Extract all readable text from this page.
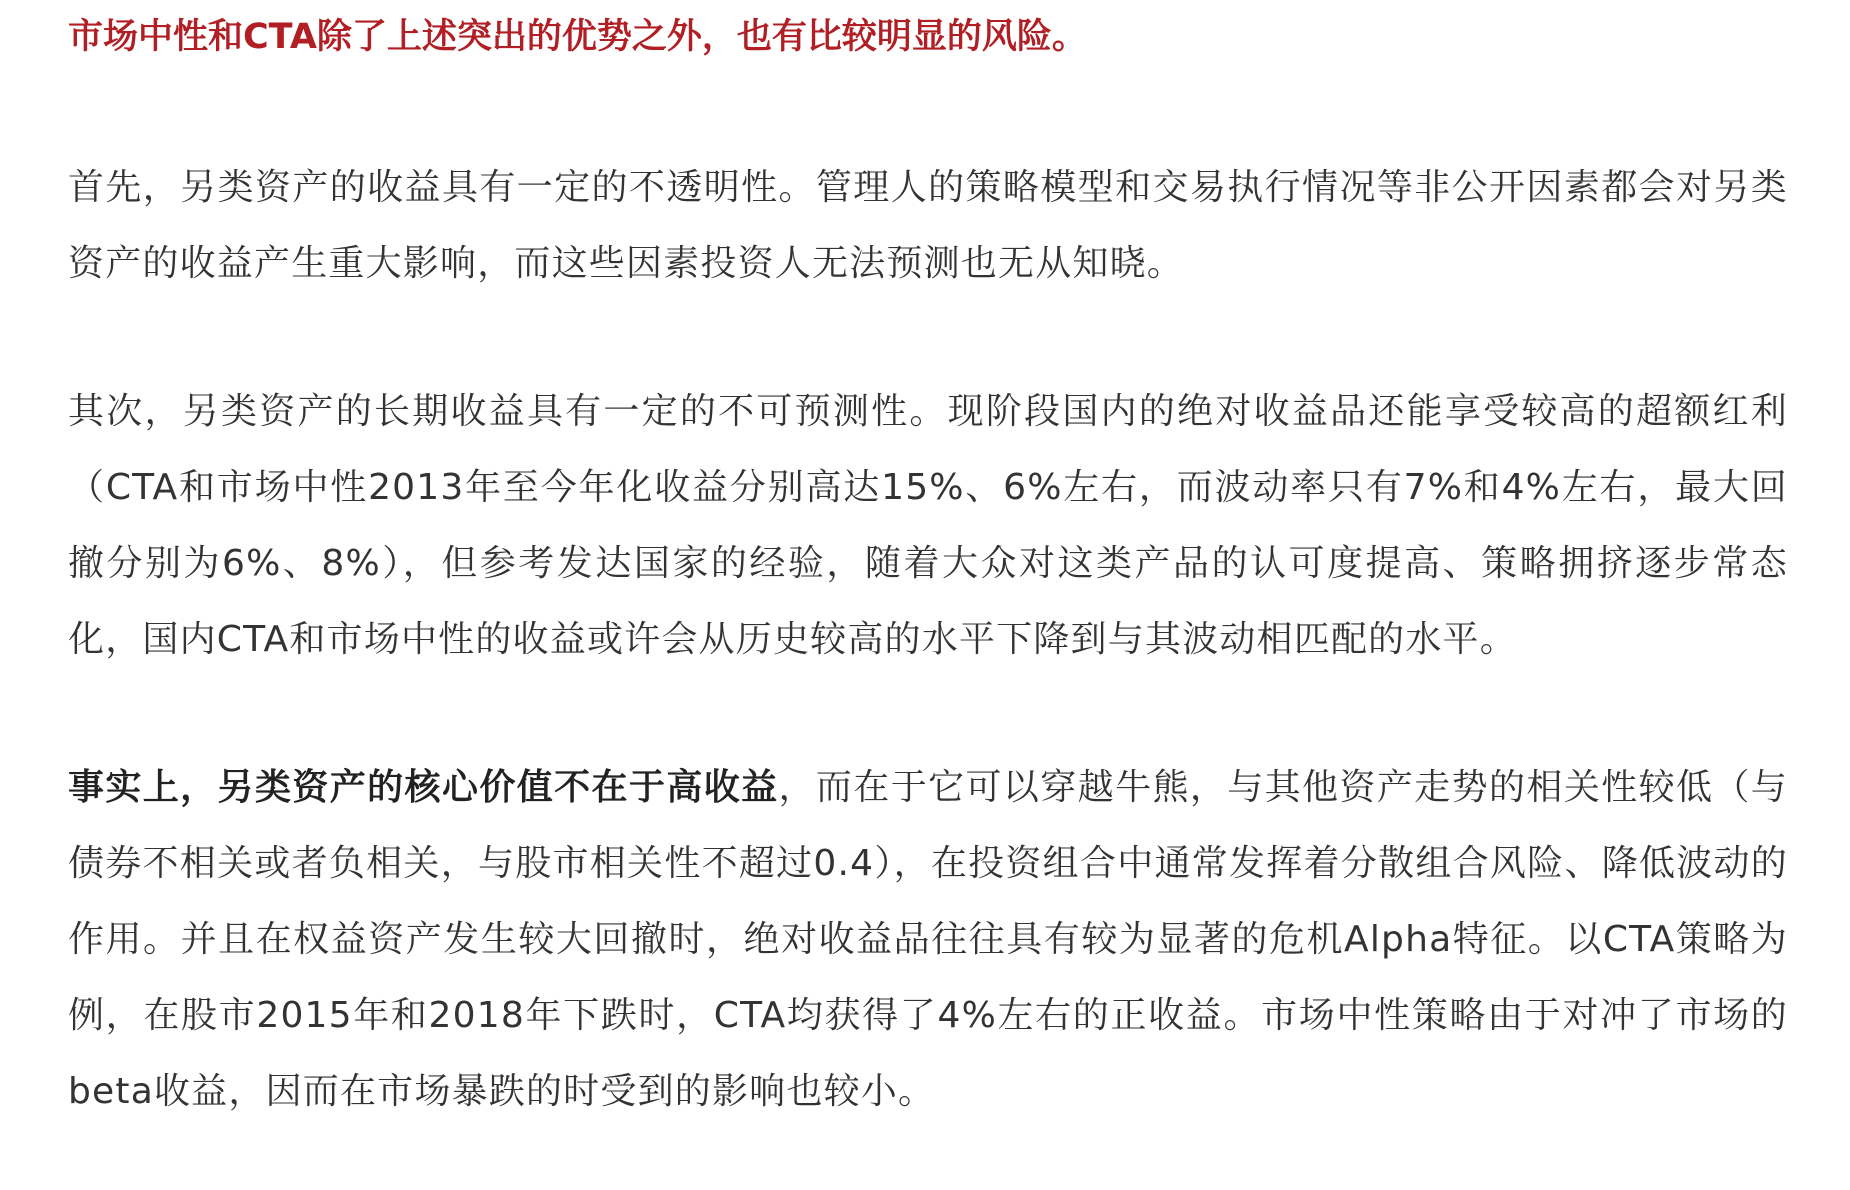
市场中性和CTA除了上述突出的优势之外，也有比较明显的风险。

首先，另类资产的收益具有一定的不透明性。管理人的策略模型和交易执行情况等非公开因素都会对另类资产的收益产生重大影响，而这些因素投资人无法预测也无从知晓。

其次，另类资产的长期收益具有一定的不可预测性。现阶段国内的绝对收益品还能享受较高的超额红利（CTA和市场中性2013年至今年化收益分别高达15%、6%左右，而波动率只有7%和4%左右，最大回撤分别为6%、8%），但参考发达国家的经验，随着大众对这类产品的认可度提高、策略拥挤逐步常态化，国内CTA和市场中性的收益或许会从历史较高的水平下降到与其波动相匹配的水平。

事实上，另类资产的核心价值不在于高收益，而在于它可以穿越牛熊，与其他资产走势的相关性较低（与债券不相关或者负相关，与股市相关性不超过0.4），在投资组合中通常发挥着分散组合风险、降低波动的作用。并且在权益资产发生较大回撤时，绝对收益品往往具有较为显著的危机Alpha特征。以CTA策略为例，在股市2015年和2018年下跌时，CTA均获得了4%左右的正收益。市场中性策略由于对冲了市场的beta收益，因而在市场暴跌的时受到的影响也较小。
